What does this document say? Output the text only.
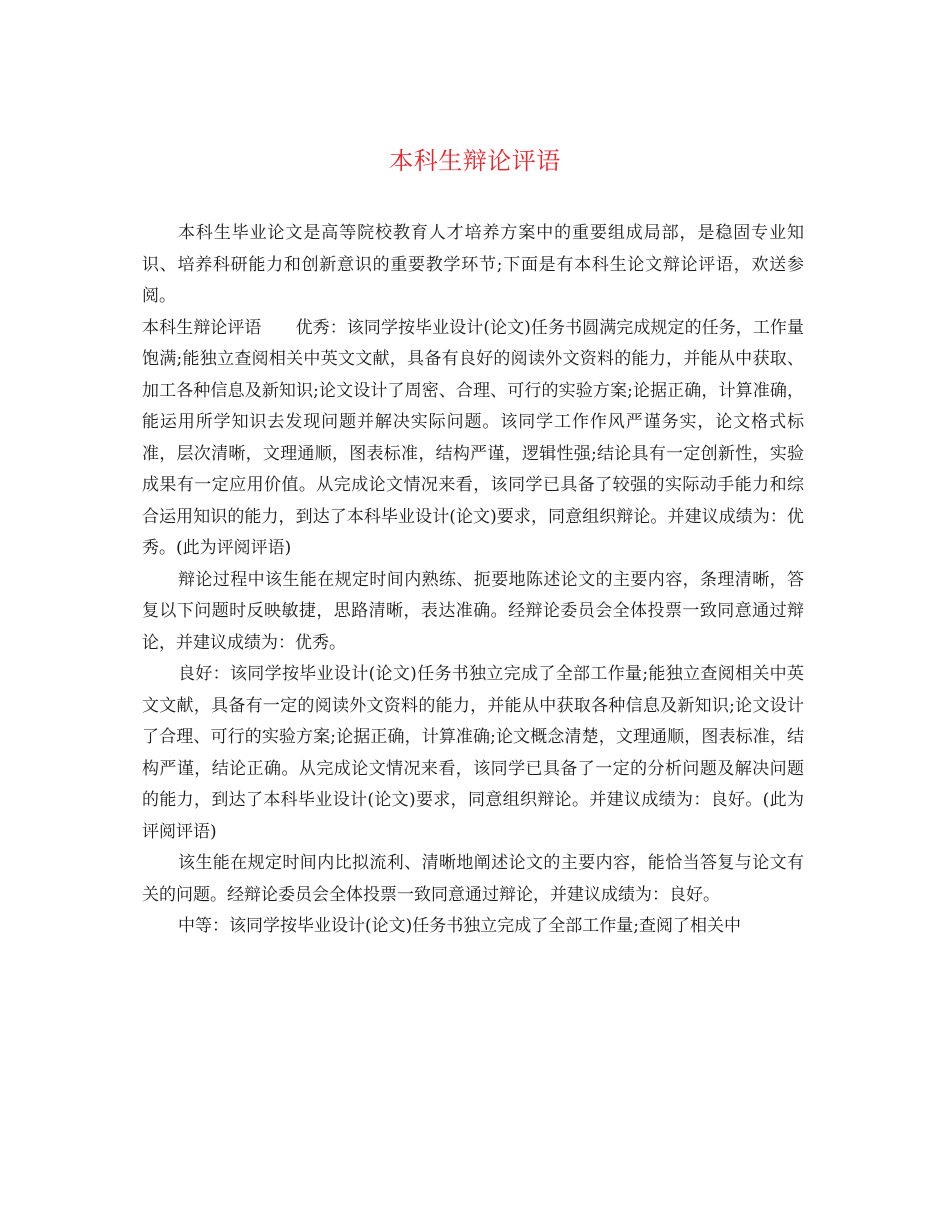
本科生辩论评语

本科生毕业论文是高等院校教育人才培养方案中的重要组成局部，是稳固专业知识、培养科研能力和创新意识的重要教学环节;下面是有本科生论文辩论评语，欢送参阅。

本科生辩论评语 优秀：该同学按毕业设计(论文)任务书圆满完成规定的任务，工作量饱满;能独立查阅相关中英文文献，具备有良好的阅读外文资料的能力，并能从中获取、加工各种信息及新知识;论文设计了周密、合理、可行的实验方案;论据正确，计算准确，能运用所学知识去发现问题并解决实际问题。该同学工作作风严谨务实，论文格式标准，层次清晰，文理通顺，图表标准，结构严谨，逻辑性强;结论具有一定创新性，实验成果有一定应用价值。从完成论文情况来看，该同学已具备了较强的实际动手能力和综合运用知识的能力，到达了本科毕业设计(论文)要求，同意组织辩论。并建议成绩为：优秀。(此为评阅评语)

辩论过程中该生能在规定时间内熟练、扼要地陈述论文的主要内容，条理清晰，答复以下问题时反映敏捷，思路清晰，表达准确。经辩论委员会全体投票一致同意通过辩论，并建议成绩为：优秀。

良好：该同学按毕业设计(论文)任务书独立完成了全部工作量;能独立查阅相关中英文文献，具备有一定的阅读外文资料的能力，并能从中获取各种信息及新知识;论文设计了合理、可行的实验方案;论据正确，计算准确;论文概念清楚，文理通顺，图表标准，结构严谨，结论正确。从完成论文情况来看，该同学已具备了一定的分析问题及解决问题的能力，到达了本科毕业设计(论文)要求，同意组织辩论。并建议成绩为：良好。(此为评阅评语)

该生能在规定时间内比拟流利、清晰地阐述论文的主要内容，能恰当答复与论文有关的问题。经辩论委员会全体投票一致同意通过辩论，并建议成绩为：良好。

中等：该同学按毕业设计(论文)任务书独立完成了全部工作量;查阅了相关中
